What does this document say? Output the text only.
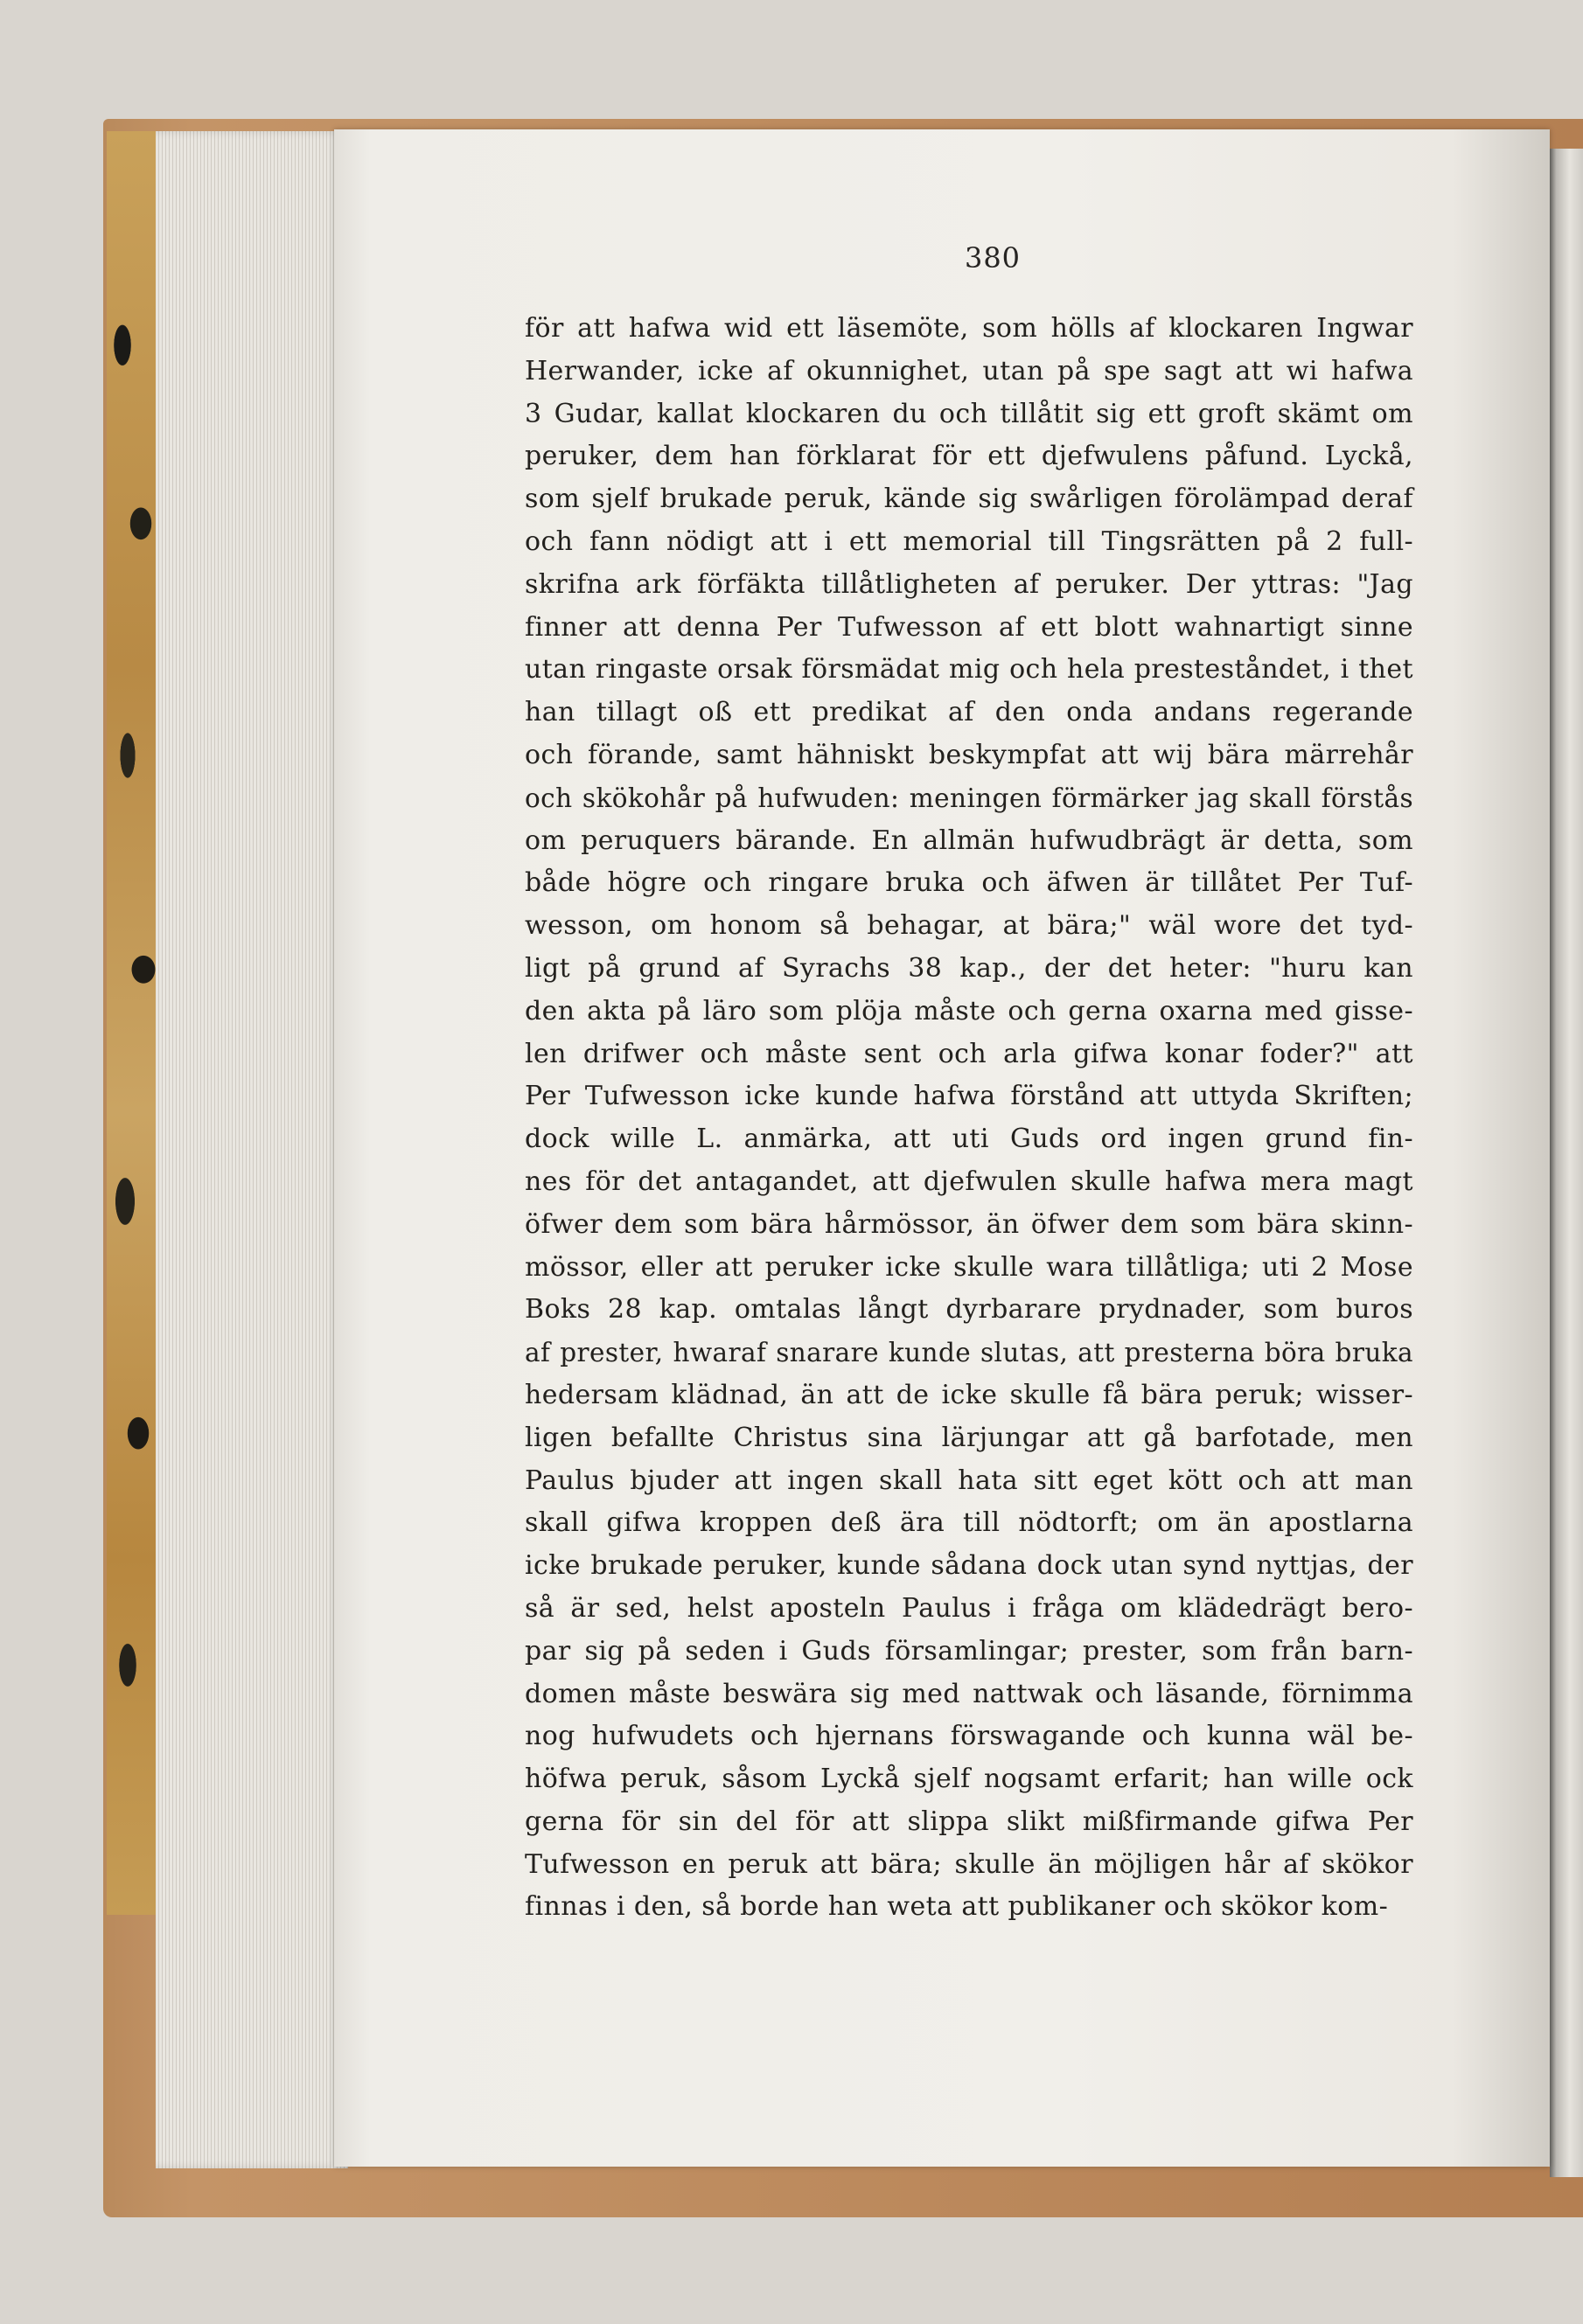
380
för att hafwa wid ett läsemöte, som hölls af klockaren Ingwar
Herwander, icke af okunnighet, utan på spe sagt att wi hafwa
3 Gudar, kallat klockaren du och tillåtit sig ett groft skämt om
peruker, dem han förklarat för ett djefwulens påfund. Lyckå,
som sjelf brukade peruk, kände sig swårligen förolämpad deraf
och fann nödigt att i ett memorial till Tingsrätten på 2 full-
skrifna ark förfäkta tillåtligheten af peruker. Der yttras: "Jag
finner att denna Per Tufwesson af ett blott wahnartigt sinne
utan ringaste orsak försmädat mig och hela presteståndet, i thet
han tillagt oß ett predikat af den onda andans regerande
och förande, samt hähniskt beskympfat att wij bära märrehår
och skökohår på hufwuden: meningen förmärker jag skall förstås
om peruquers bärande. En allmän hufwudbrägt är detta, som
både högre och ringare bruka och äfwen är tillåtet Per Tuf-
wesson, om honom så behagar, at bära;" wäl wore det tyd-
ligt på grund af Syrachs 38 kap., der det heter: "huru kan
den akta på läro som plöja måste och gerna oxarna med gisse-
len drifwer och måste sent och arla gifwa konar foder?" att
Per Tufwesson icke kunde hafwa förstånd att uttyda Skriften;
dock wille L. anmärka, att uti Guds ord ingen grund fin-
nes för det antagandet, att djefwulen skulle hafwa mera magt
öfwer dem som bära hårmössor, än öfwer dem som bära skinn-
mössor, eller att peruker icke skulle wara tillåtliga; uti 2 Mose
Boks 28 kap. omtalas långt dyrbarare prydnader, som buros
af prester, hwaraf snarare kunde slutas, att presterna böra bruka
hedersam klädnad, än att de icke skulle få bära peruk; wisser-
ligen befallte Christus sina lärjungar att gå barfotade, men
Paulus bjuder att ingen skall hata sitt eget kött och att man
skall gifwa kroppen deß ära till nödtorft; om än apostlarna
icke brukade peruker, kunde sådana dock utan synd nyttjas, der
så är sed, helst aposteln Paulus i fråga om klädedrägt bero-
par sig på seden i Guds församlingar; prester, som från barn-
domen måste beswära sig med nattwak och läsande, förnimma
nog hufwudets och hjernans förswagande och kunna wäl be-
höfwa peruk, såsom Lyckå sjelf nogsamt erfarit; han wille ock
gerna för sin del för att slippa slikt mißfirmande gifwa Per
Tufwesson en peruk att bära; skulle än möjligen hår af skökor
finnas i den, så borde han weta att publikaner och skökor kom-
